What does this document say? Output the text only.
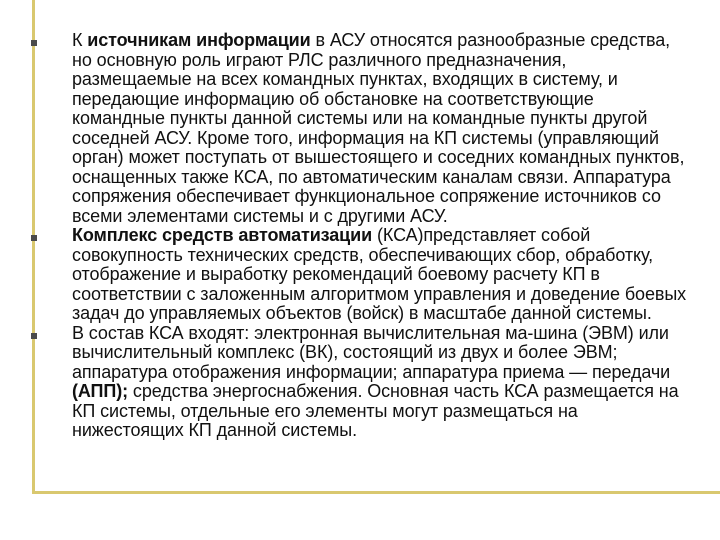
К источникам информации в АСУ относятся разнообразные средства, но основную роль играют РЛС различного предназначения, размещаемые на всех командных пунктах, входящих в систему, и передающие информацию об обстановке на соответствующие командные пункты данной системы или на командные пункты другой соседней АСУ. Кроме того, информация на КП системы (управляющий орган) может поступать от вышестоящего и соседних командных пунктов, оснащенных также КСА, по автоматическим каналам связи. Аппаратура сопряжения обеспечивает функциональное сопряжение источников со всеми элементами системы и с другими АСУ.
Комплекс средств автоматизации (КСА)представляет собой совокупность технических средств, обеспечивающих сбор, обработку, отображение и выработку рекомендаций боевому расчету КП в соответствии с заложенным алгоритмом управления и доведение боевых задач до управляемых объектов (войск) в масштабе данной системы.
В состав КСА входят: электронная вычислительная ма-шина (ЭВМ) или вычислительный комплекс (ВК), состоящий из двух и более ЭВМ; аппаратура отображения информации; аппаратура приема — передачи (АПП); средства энергоснабжения. Основная часть КСА размещается на КП системы, отдельные его элементы могут размещаться на нижестоящих КП данной системы.
